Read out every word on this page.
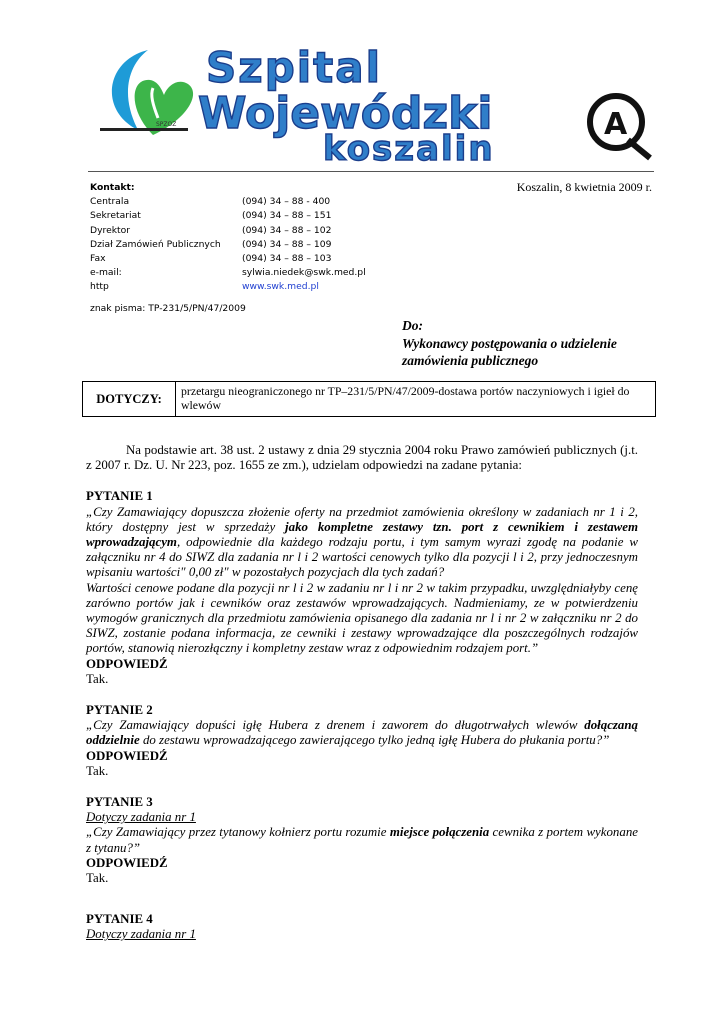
SPZOZ
Szpital
Wojewódzki
koszalin
A
Kontakt:
Centrala	(094) 34 – 88 - 400
Sekretariat	(094) 34 – 88 – 151
Dyrektor	(094) 34 – 88 – 102
Dział Zamówień Publicznych	(094) 34 – 88 – 109
Fax	(094) 34 – 88 – 103
e-mail:	sylwia.niedek@swk.med.pl
http	www.swk.med.pl
Koszalin, 8 kwietnia 2009 r.
znak pisma: TP-231/5/PN/47/2009
Do:
Wykonawcy postępowania o udzielenie
zamówienia publicznego
DOTYCZY:
przetargu nieograniczonego nr TP–231/5/PN/47/2009-dostawa portów naczyniowych i igieł do wlewów

Na podstawie art. 38 ust. 2 ustawy z dnia 29 stycznia 2004 roku Prawo zamówień publicznych (j.t. z 2007 r. Dz. U. Nr 223, poz. 1655 ze zm.), udzielam odpowiedzi na zadane pytania:

PYTANIE 1

„Czy Zamawiający dopuszcza złożenie oferty na przedmiot zamówienia określony w zadaniach nr 1 i 2, który dostępny jest w sprzedaży jako kompletne zestawy tzn. port z cewnikiem i zestawem wprowadzającym, odpowiednie dla każdego rodzaju portu, i tym samym wyrazi zgodę na podanie w załączniku nr 4 do SIWZ dla zadania nr l i 2 wartości cenowych tylko dla pozycji l i 2, przy jednoczesnym wpisaniu wartości" 0,00 zł" w pozostałych pozycjach dla tych zadań?

Wartości cenowe podane dla pozycji nr l i 2 w zadaniu nr l i nr 2 w takim przypadku, uwzględniałyby cenę zarówno portów jak i cewników oraz zestawów wprowadzających. Nadmieniamy, ze w potwierdzeniu wymogów granicznych dla przedmiotu zamówienia opisanego dla zadania nr l i nr 2 w załączniku nr 2 do SIWZ, zostanie podana informacja, ze cewniki i zestawy wprowadzające dla poszczególnych rodzajów portów, stanowią nierozłączny i kompletny zestaw wraz z odpowiednim rodzajem port.”

ODPOWIEDŹ

Tak.

PYTANIE 2

„Czy Zamawiający dopuści igłę Hubera z drenem i zaworem do długotrwałych wlewów dołączaną oddzielnie do zestawu wprowadzającego zawierającego tylko jedną igłę Hubera do płukania portu?”

ODPOWIEDŹ

Tak.

PYTANIE 3

Dotyczy zadania nr 1

„Czy Zamawiający przez tytanowy kołnierz portu rozumie miejsce połączenia cewnika z portem wykonane z tytanu?”

ODPOWIEDŹ

Tak.

PYTANIE 4

Dotyczy zadania nr 1
